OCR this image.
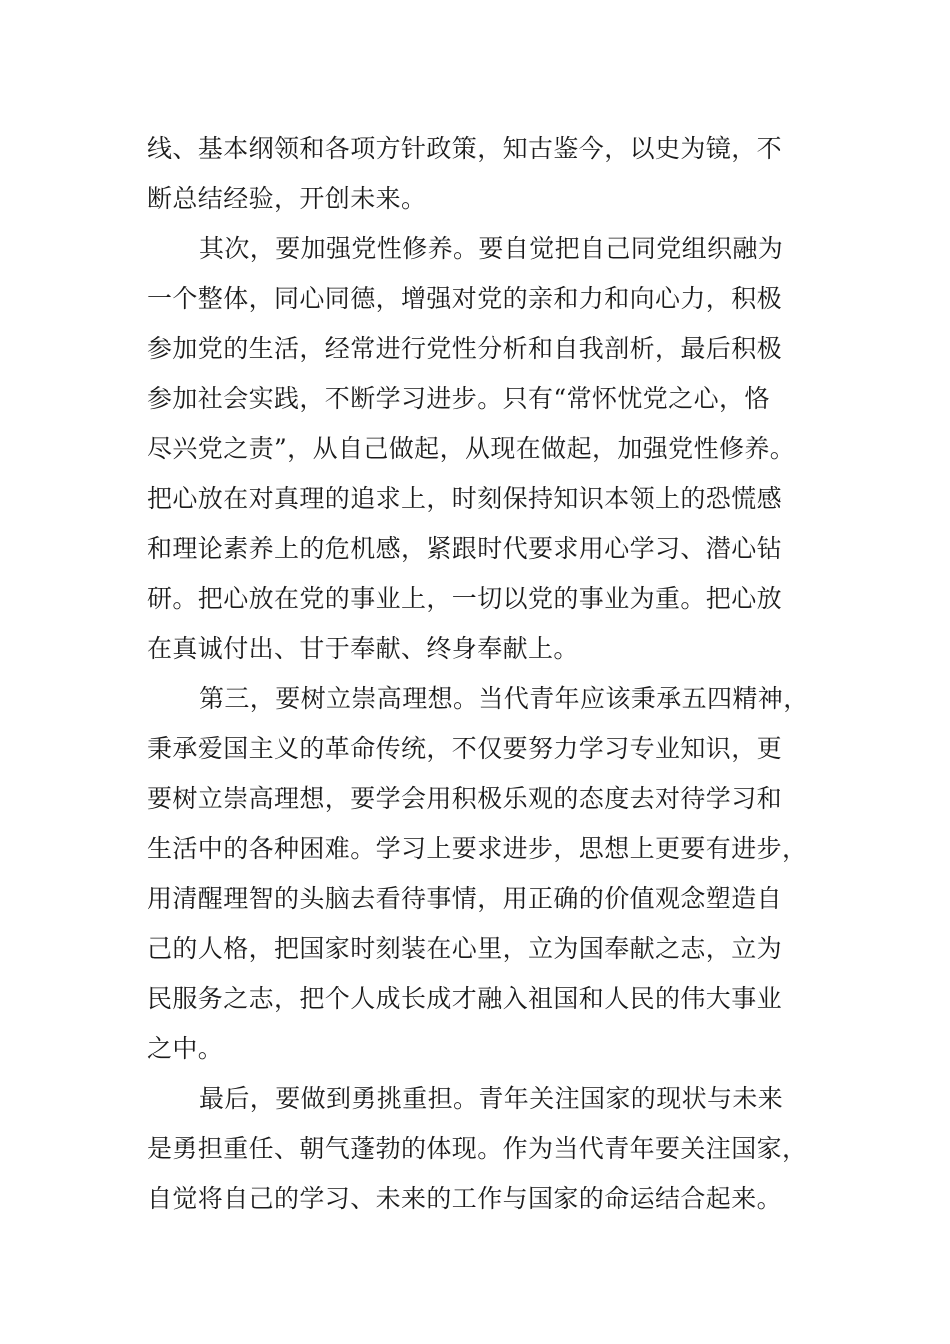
线、基本纲领和各项方针政策，知古鉴今，以史为镜，不
断总结经验，开创未来。
其次，要加强党性修养。要自觉把自己同党组织融为
一个整体，同心同德，增强对党的亲和力和向心力，积极
参加党的生活，经常进行党性分析和自我剖析，最后积极
参加社会实践，不断学习进步。只有“常怀忧党之心，恪
尽兴党之责”，从自己做起，从现在做起，加强党性修养。
把心放在对真理的追求上，时刻保持知识本领上的恐慌感
和理论素养上的危机感，紧跟时代要求用心学习、潜心钻
研。把心放在党的事业上，一切以党的事业为重。把心放
在真诚付出、甘于奉献、终身奉献上。
第三，要树立崇高理想。当代青年应该秉承五四精神，
秉承爱国主义的革命传统，不仅要努力学习专业知识，更
要树立崇高理想，要学会用积极乐观的态度去对待学习和
生活中的各种困难。学习上要求进步，思想上更要有进步，
用清醒理智的头脑去看待事情，用正确的价值观念塑造自
己的人格，把国家时刻装在心里，立为国奉献之志，立为
民服务之志，把个人成长成才融入祖国和人民的伟大事业
之中。
最后，要做到勇挑重担。青年关注国家的现状与未来
是勇担重任、朝气蓬勃的体现。作为当代青年要关注国家，
自觉将自己的学习、未来的工作与国家的命运结合起来。
